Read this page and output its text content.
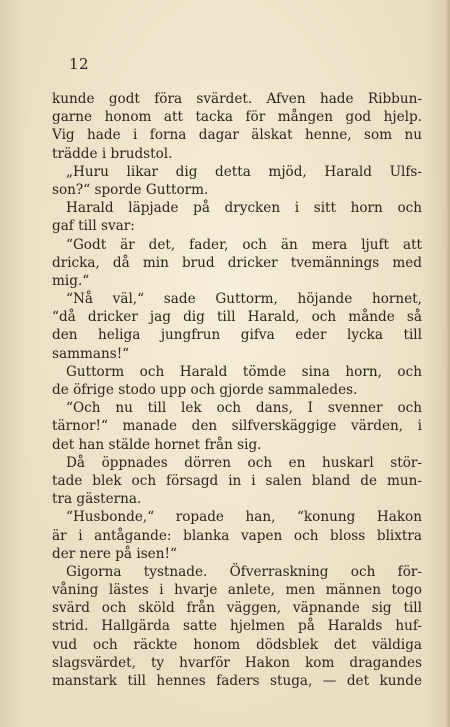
12
kunde godt föra svärdet. Afven hade Ribbun-
garne honom att tacka för mången god hjelp.
Vig hade i forna dagar älskat henne, som nu
trädde i brudstol.
„Huru likar dig detta mjöd, Harald Ulfs-
son?“ sporde Guttorm.
Harald läpjade på drycken i sitt horn och
gaf till svar:
“Godt är det, fader, och än mera ljuft att
dricka, då min brud dricker tvemännings med
mig.“
“Nå väl,“ sade Guttorm, höjande hornet,
“då dricker jag dig till Harald, och månde så
den heliga jungfrun gifva eder lycka till
sammans!“
Guttorm och Harald tömde sina horn, och
de öfrige stodo upp och gjorde sammaledes.
“Och nu till lek och dans, I svenner och
tärnor!“ manade den silfverskäggige värden, i
det han stälde hornet från sig.
Då öppnades dörren och en huskarl stör-
tade blek och försagd in i salen bland de mun-
tra gästerna.
“Husbonde,“ ropade han, “konung Hakon
är i antågande: blanka vapen och bloss blixtra
der nere på isen!“
Gigorna tystnade. Öfverraskning och för-
våning lästes i hvarje anlete, men männen togo
svärd och sköld från väggen, väpnande sig till
strid. Hallgärda satte hjelmen på Haralds huf-
vud och räckte honom dödsblek det väldiga
slagsvärdet, ty hvarför Hakon kom dragandes
manstark till hennes faders stuga, — det kunde
